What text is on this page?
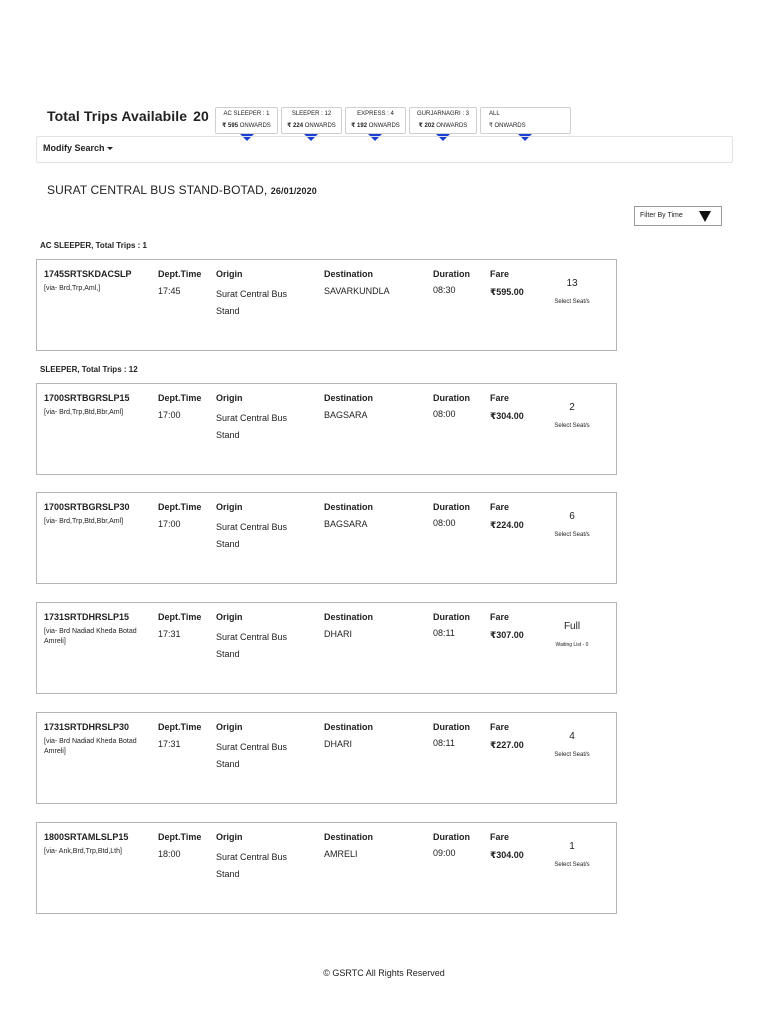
Total Trips Availabile 20	AC SLEEPER : 1
₹ 595 ONWARDS
SLEEPER : 12
₹ 224 ONWARDS
EXPRESS : 4
₹ 192 ONWARDS
GURJARNAGRI : 3
₹ 202 ONWARDS
ALL
₹ ONWARDS
Modify Search
SURAT CENTRAL BUS STAND-BOTAD, 26/01/2020
Filter By Time
AC SLEEPER, Total Trips : 1
1745SRTSKDACSLP
[via- Brd,Trp,Aml,]
Dept.Time
17:45
Origin
Surat Central Bus Stand
Destination
SAVARKUNDLA
Duration
08:30
Fare
₹595.00
13
Select Seat/s
SLEEPER, Total Trips : 12
1700SRTBGRSLP15
[via- Brd,Trp,Btd,Bbr,Aml]
Dept.Time
17:00
Origin
Surat Central Bus Stand
Destination
BAGSARA
Duration
08:00
Fare
₹304.00
2
Select Seat/s
1700SRTBGRSLP30
[via- Brd,Trp,Btd,Bbr,Aml]
Dept.Time
17:00
Origin
Surat Central Bus Stand
Destination
BAGSARA
Duration
08:00
Fare
₹224.00
6
Select Seat/s
1731SRTDHRSLP15
[via- Brd Nadiad Kheda Botad Amreli]
Dept.Time
17:31
Origin
Surat Central Bus Stand
Destination
DHARI
Duration
08:11
Fare
₹307.00
Full
Waiting List - 0
1731SRTDHRSLP30
[via- Brd Nadiad Kheda Botad Amreli]
Dept.Time
17:31
Origin
Surat Central Bus Stand
Destination
DHARI
Duration
08:11
Fare
₹227.00
4
Select Seat/s
1800SRTAMLSLP15
[via- Ank,Brd,Trp,Btd,Lth]
Dept.Time
18:00
Origin
Surat Central Bus Stand
Destination
AMRELI
Duration
09:00
Fare
₹304.00
1
Select Seat/s
© GSRTC All Rights Reserved
